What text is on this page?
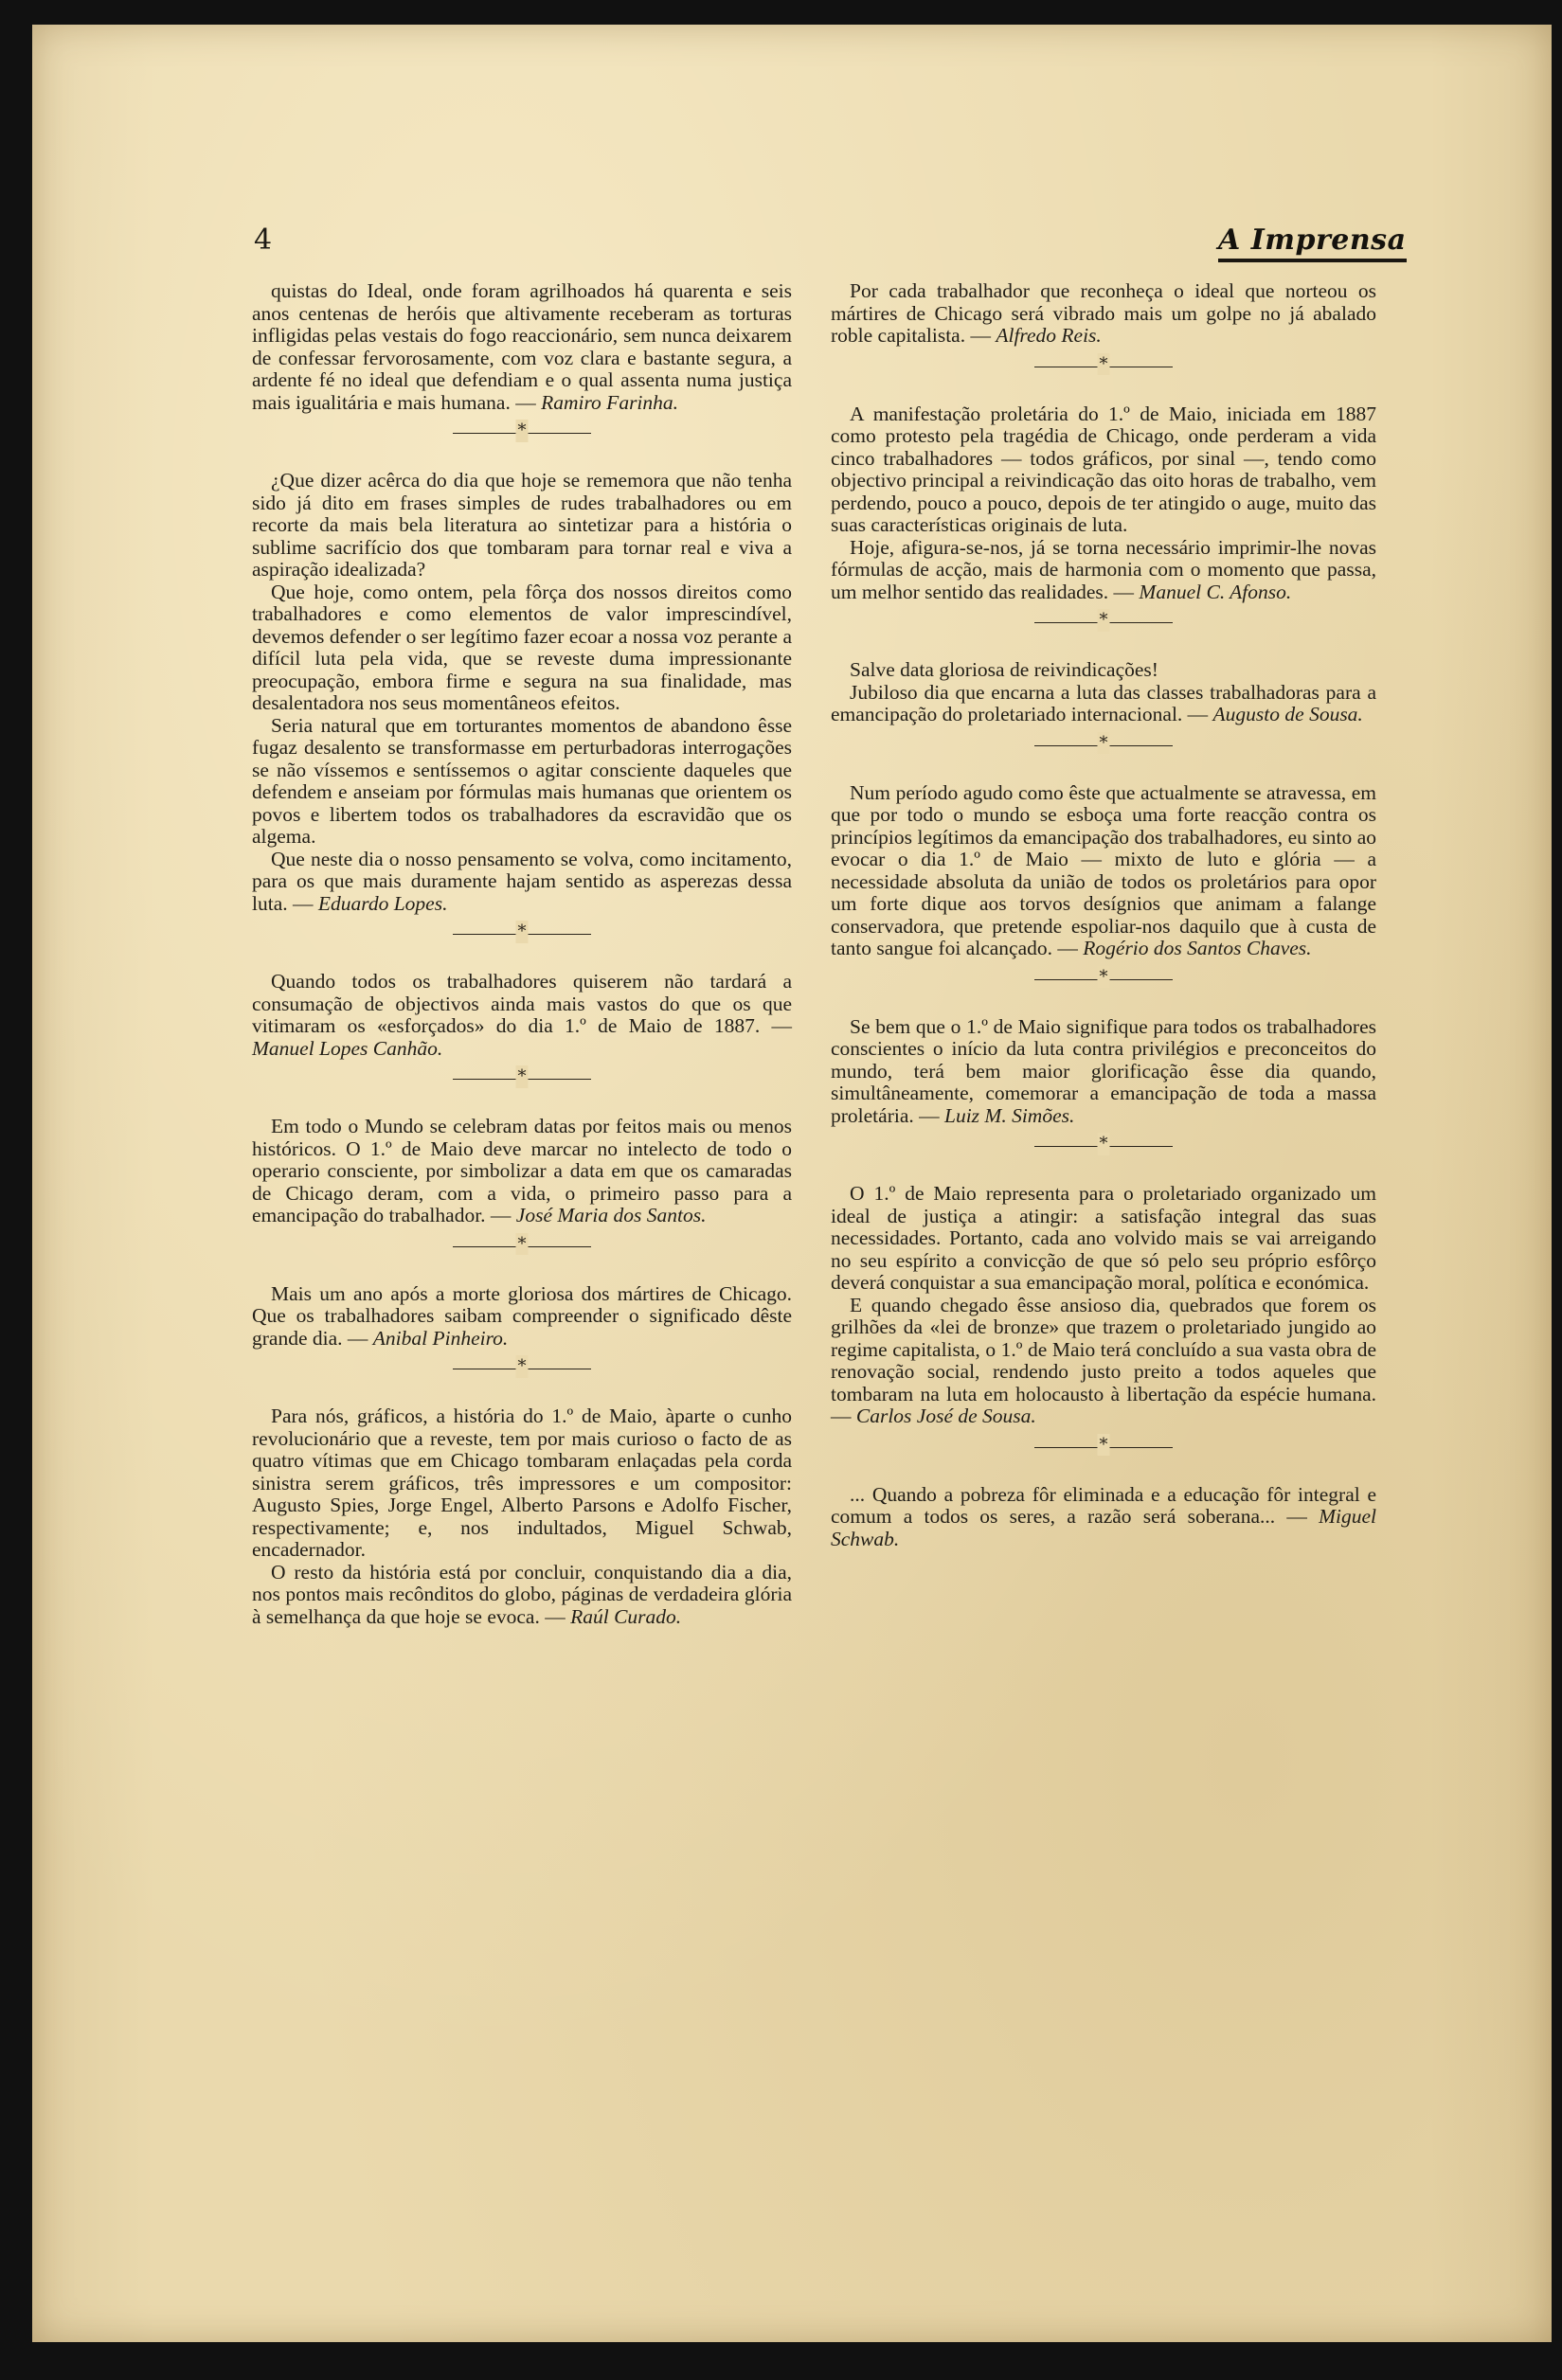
4	A Imprensa

quistas do Ideal, onde foram agrilhoados há quarenta e seis anos centenas de heróis que altivamente receberam as torturas infligidas pelas vestais do fogo reaccionário, sem nunca deixarem de confessar fervorosamente, com voz clara e bastante segura, a ardente fé no ideal que defendiam e o qual assenta numa justiça mais igualitária e mais humana. — Ramiro Farinha.

*

¿Que dizer acêrca do dia que hoje se rememora que não tenha sido já dito em frases simples de rudes trabalhadores ou em recorte da mais bela literatura ao sintetizar para a história o sublime sacrifício dos que tombaram para tornar real e viva a aspiração idealizada?

Que hoje, como ontem, pela fôrça dos nossos direitos como trabalhadores e como elementos de valor imprescindível, devemos defender o ser legítimo fazer ecoar a nossa voz perante a difícil luta pela vida, que se reveste duma impressionante preocupação, embora firme e segura na sua finalidade, mas desalentadora nos seus momentâneos efeitos.

Seria natural que em torturantes momentos de abandono êsse fugaz desalento se transformasse em perturbadoras interrogações se não víssemos e sentíssemos o agitar consciente daqueles que defendem e anseiam por fórmulas mais humanas que orientem os povos e libertem todos os trabalhadores da escravidão que os algema.

Que neste dia o nosso pensamento se volva, como incitamento, para os que mais duramente hajam sentido as asperezas dessa luta. — Eduardo Lopes.

*

Quando todos os trabalhadores quiserem não tardará a consumação de objectivos ainda mais vastos do que os que vitimaram os «esforçados» do dia 1.º de Maio de 1887. — Manuel Lopes Canhão.

*

Em todo o Mundo se celebram datas por feitos mais ou menos históricos. O 1.º de Maio deve marcar no intelecto de todo o operario consciente, por simbolizar a data em que os camaradas de Chicago deram, com a vida, o primeiro passo para a emancipação do trabalhador. — José Maria dos Santos.

*

Mais um ano após a morte gloriosa dos mártires de Chicago. Que os trabalhadores saibam compreender o significado dêste grande dia. — Anibal Pinheiro.

*

Para nós, gráficos, a história do 1.º de Maio, àparte o cunho revolucionário que a reveste, tem por mais curioso o facto de as quatro vítimas que em Chicago tombaram enlaçadas pela corda sinistra serem gráficos, três impressores e um compositor: Augusto Spies, Jorge Engel, Alberto Parsons e Adolfo Fischer, respectivamente; e, nos indultados, Miguel Schwab, encadernador.

O resto da história está por concluir, conquistando dia a dia, nos pontos mais recônditos do globo, páginas de verdadeira glória à semelhança da que hoje se evoca. — Raúl Curado.

Por cada trabalhador que reconheça o ideal que norteou os mártires de Chicago será vibrado mais um golpe no já abalado roble capitalista. — Alfredo Reis.

*

A manifestação proletária do 1.º de Maio, iniciada em 1887 como protesto pela tragédia de Chicago, onde perderam a vida cinco trabalhadores — todos gráficos, por sinal —, tendo como objectivo principal a reivindicação das oito horas de trabalho, vem perdendo, pouco a pouco, depois de ter atingido o auge, muito das suas características originais de luta.

Hoje, afigura-se-nos, já se torna necessário imprimir-lhe novas fórmulas de acção, mais de harmonia com o momento que passa, um melhor sentido das realidades. — Manuel C. Afonso.

*

Salve data gloriosa de reivindicações!

Jubiloso dia que encarna a luta das classes trabalhadoras para a emancipação do proletariado internacional. — Augusto de Sousa.

*

Num período agudo como êste que actualmente se atravessa, em que por todo o mundo se esboça uma forte reacção contra os princípios legítimos da emancipação dos trabalhadores, eu sinto ao evocar o dia 1.º de Maio — mixto de luto e glória — a necessidade absoluta da união de todos os proletários para opor um forte dique aos torvos desígnios que animam a falange conservadora, que pretende espoliar-nos daquilo que à custa de tanto sangue foi alcançado. — Rogério dos Santos Chaves.

*

Se bem que o 1.º de Maio signifique para todos os trabalhadores conscientes o início da luta contra privilégios e preconceitos do mundo, terá bem maior glorificação êsse dia quando, simultâneamente, comemorar a emancipação de toda a massa proletária. — Luiz M. Simões.

*

O 1.º de Maio representa para o proletariado organizado um ideal de justiça a atingir: a satisfação integral das suas necessidades. Portanto, cada ano volvido mais se vai arreigando no seu espírito a convicção de que só pelo seu próprio esfôrço deverá conquistar a sua emancipação moral, política e económica.

E quando chegado êsse ansioso dia, quebrados que forem os grilhões da «lei de bronze» que trazem o proletariado jungido ao regime capitalista, o 1.º de Maio terá concluído a sua vasta obra de renovação social, rendendo justo preito a todos aqueles que tombaram na luta em holocausto à libertação da espécie humana. — Carlos José de Sousa.

*

... Quando a pobreza fôr eliminada e a educação fôr integral e comum a todos os seres, a razão será soberana... — Miguel Schwab.
